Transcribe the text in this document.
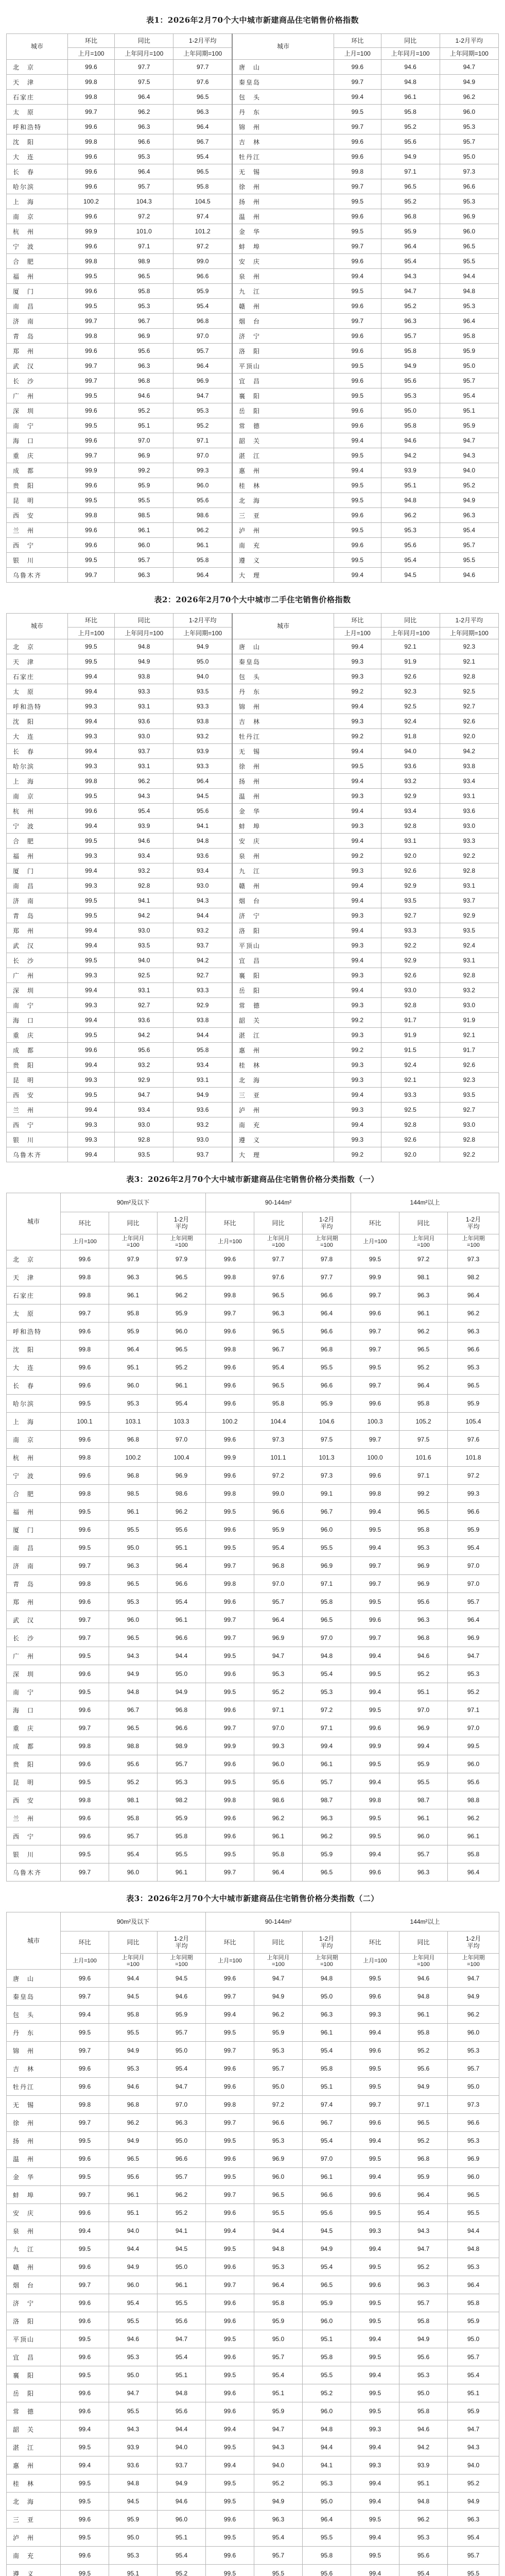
表1：2026年2月70个大中城市新建商品住宅销售价格指数
城市	环比	同比	1-2月平均	城市	环比	同比	1-2月平均
	上月=100	上年同月=100	上年同期=100		上月=100	上年同月=100	上年同期=100

北　京	99.6	97.7	97.7	唐　山	99.6	94.6	94.7
天　津	99.8	97.5	97.6	秦皇岛	99.7	94.8	94.9
石家庄	99.8	96.4	96.5	包　头	99.4	96.1	96.2
太　原	99.7	96.2	96.3	丹　东	99.5	95.8	96.0
呼和浩特	99.6	96.3	96.4	锦　州	99.7	95.2	95.3
沈　阳	99.8	96.6	96.7	吉　林	99.6	95.6	95.7
大　连	99.6	95.3	95.4	牡丹江	99.6	94.9	95.0
长　春	99.6	96.4	96.5	无　锡	99.8	97.1	97.3
哈尔滨	99.6	95.7	95.8	徐　州	99.7	96.5	96.6
上　海	100.2	104.3	104.5	扬　州	99.5	95.2	95.3
南　京	99.6	97.2	97.4	温　州	99.6	96.8	96.9
杭　州	99.9	101.0	101.2	金　华	99.5	95.9	96.0
宁　波	99.6	97.1	97.2	蚌　埠	99.7	96.4	96.5
合　肥	99.8	98.9	99.0	安　庆	99.6	95.4	95.5
福　州	99.5	96.5	96.6	泉　州	99.4	94.3	94.4
厦　门	99.6	95.8	95.9	九　江	99.5	94.7	94.8
南　昌	99.5	95.3	95.4	赣　州	99.6	95.2	95.3
济　南	99.7	96.7	96.8	烟　台	99.7	96.3	96.4
青　岛	99.8	96.9	97.0	济　宁	99.6	95.7	95.8
郑　州	99.6	95.6	95.7	洛　阳	99.6	95.8	95.9
武　汉	99.7	96.3	96.4	平顶山	99.5	94.9	95.0
长　沙	99.7	96.8	96.9	宜　昌	99.6	95.6	95.7
广　州	99.5	94.6	94.7	襄　阳	99.5	95.3	95.4
深　圳	99.6	95.2	95.3	岳　阳	99.6	95.0	95.1
南　宁	99.5	95.1	95.2	常　德	99.6	95.8	95.9
海　口	99.6	97.0	97.1	韶　关	99.4	94.6	94.7
重　庆	99.7	96.9	97.0	湛　江	99.5	94.2	94.3
成　都	99.9	99.2	99.3	惠　州	99.4	93.9	94.0
贵　阳	99.6	95.9	96.0	桂　林	99.5	95.1	95.2
昆　明	99.5	95.5	95.6	北　海	99.5	94.8	94.9
西　安	99.8	98.5	98.6	三　亚	99.6	96.2	96.3
兰　州	99.6	96.1	96.2	泸　州	99.5	95.3	95.4
西　宁	99.6	96.0	96.1	南　充	99.6	95.6	95.7
银　川	99.5	95.7	95.8	遵　义	99.5	95.4	95.5
乌鲁木齐	99.7	96.3	96.4	大　理	99.4	94.5	94.6
表2：2026年2月70个大中城市二手住宅销售价格指数
城市	环比	同比	1-2月平均	城市	环比	同比	1-2月平均
	上月=100	上年同月=100	上年同期=100		上月=100	上年同月=100	上年同期=100

北　京	99.5	94.8	94.9	唐　山	99.4	92.1	92.3
天　津	99.5	94.9	95.0	秦皇岛	99.3	91.9	92.1
石家庄	99.4	93.8	94.0	包　头	99.3	92.6	92.8
太　原	99.4	93.3	93.5	丹　东	99.2	92.3	92.5
呼和浩特	99.3	93.1	93.3	锦　州	99.4	92.5	92.7
沈　阳	99.4	93.6	93.8	吉　林	99.3	92.4	92.6
大　连	99.3	93.0	93.2	牡丹江	99.2	91.8	92.0
长　春	99.4	93.7	93.9	无　锡	99.4	94.0	94.2
哈尔滨	99.3	93.1	93.3	徐　州	99.5	93.6	93.8
上　海	99.8	96.2	96.4	扬　州	99.4	93.2	93.4
南　京	99.5	94.3	94.5	温　州	99.3	92.9	93.1
杭　州	99.6	95.4	95.6	金　华	99.4	93.4	93.6
宁　波	99.4	93.9	94.1	蚌　埠	99.3	92.8	93.0
合　肥	99.5	94.6	94.8	安　庆	99.4	93.1	93.3
福　州	99.3	93.4	93.6	泉　州	99.2	92.0	92.2
厦　门	99.4	93.2	93.4	九　江	99.3	92.6	92.8
南　昌	99.3	92.8	93.0	赣　州	99.4	92.9	93.1
济　南	99.5	94.1	94.3	烟　台	99.4	93.5	93.7
青　岛	99.5	94.2	94.4	济　宁	99.3	92.7	92.9
郑　州	99.4	93.0	93.2	洛　阳	99.4	93.3	93.5
武　汉	99.4	93.5	93.7	平顶山	99.3	92.2	92.4
长　沙	99.5	94.0	94.2	宜　昌	99.4	92.9	93.1
广　州	99.3	92.5	92.7	襄　阳	99.3	92.6	92.8
深　圳	99.4	93.1	93.3	岳　阳	99.4	93.0	93.2
南　宁	99.3	92.7	92.9	常　德	99.3	92.8	93.0
海　口	99.4	93.6	93.8	韶　关	99.2	91.7	91.9
重　庆	99.5	94.2	94.4	湛　江	99.3	91.9	92.1
成　都	99.6	95.6	95.8	惠　州	99.2	91.5	91.7
贵　阳	99.4	93.2	93.4	桂　林	99.3	92.4	92.6
昆　明	99.3	92.9	93.1	北　海	99.3	92.1	92.3
西　安	99.5	94.7	94.9	三　亚	99.4	93.3	93.5
兰　州	99.4	93.4	93.6	泸　州	99.3	92.5	92.7
西　宁	99.3	93.0	93.2	南　充	99.4	92.8	93.0
银　川	99.3	92.8	93.0	遵　义	99.3	92.6	92.8
乌鲁木齐	99.4	93.5	93.7	大　理	99.2	92.0	92.2
表3：2026年2月70个大中城市新建商品住宅销售价格分类指数（一）
城市	90m²及以下			90-144m²			144m²以上		
	环比	同比	1-2月
平均	环比	同比	1-2月
平均	环比	同比	1-2月
平均
	上月=100	上年同月
=100	上年同期
=100	上月=100	上年同月
=100	上年同期
=100	上月=100	上年同月
=100	上年同期
=100
北　京	99.6	97.9	97.9	99.6	97.7	97.8	99.5	97.2	97.3
天　津	99.8	96.3	96.5	99.8	97.6	97.7	99.9	98.1	98.2
石家庄	99.8	96.1	96.2	99.8	96.5	96.6	99.7	96.3	96.4
太　原	99.7	95.8	95.9	99.7	96.3	96.4	99.6	96.1	96.2
呼和浩特	99.6	95.9	96.0	99.6	96.5	96.6	99.7	96.2	96.3
沈　阳	99.8	96.4	96.5	99.8	96.7	96.8	99.7	96.5	96.6
大　连	99.6	95.1	95.2	99.6	95.4	95.5	99.5	95.2	95.3
长　春	99.6	96.0	96.1	99.6	96.5	96.6	99.7	96.4	96.5
哈尔滨	99.5	95.3	95.4	99.6	95.8	95.9	99.6	95.8	95.9
上　海	100.1	103.1	103.3	100.2	104.4	104.6	100.3	105.2	105.4
南　京	99.6	96.8	97.0	99.6	97.3	97.5	99.7	97.5	97.6
杭　州	99.8	100.2	100.4	99.9	101.1	101.3	100.0	101.6	101.8
宁　波	99.6	96.8	96.9	99.6	97.2	97.3	99.6	97.1	97.2
合　肥	99.8	98.5	98.6	99.8	99.0	99.1	99.8	99.2	99.3
福　州	99.5	96.1	96.2	99.5	96.6	96.7	99.4	96.5	96.6
厦　门	99.6	95.5	95.6	99.6	95.9	96.0	99.5	95.8	95.9
南　昌	99.5	95.0	95.1	99.5	95.4	95.5	99.4	95.3	95.4
济　南	99.7	96.3	96.4	99.7	96.8	96.9	99.7	96.9	97.0
青　岛	99.8	96.5	96.6	99.8	97.0	97.1	99.7	96.9	97.0
郑　州	99.6	95.3	95.4	99.6	95.7	95.8	99.5	95.6	95.7
武　汉	99.7	96.0	96.1	99.7	96.4	96.5	99.6	96.3	96.4
长　沙	99.7	96.5	96.6	99.7	96.9	97.0	99.7	96.8	96.9
广　州	99.5	94.3	94.4	99.5	94.7	94.8	99.4	94.6	94.7
深　圳	99.6	94.9	95.0	99.6	95.3	95.4	99.5	95.2	95.3
南　宁	99.5	94.8	94.9	99.5	95.2	95.3	99.4	95.1	95.2
海　口	99.6	96.7	96.8	99.6	97.1	97.2	99.5	97.0	97.1
重　庆	99.7	96.5	96.6	99.7	97.0	97.1	99.6	96.9	97.0
成　都	99.8	98.8	98.9	99.9	99.3	99.4	99.9	99.4	99.5
贵　阳	99.6	95.6	95.7	99.6	96.0	96.1	99.5	95.9	96.0
昆　明	99.5	95.2	95.3	99.5	95.6	95.7	99.4	95.5	95.6
西　安	99.8	98.1	98.2	99.8	98.6	98.7	99.8	98.7	98.8
兰　州	99.6	95.8	95.9	99.6	96.2	96.3	99.5	96.1	96.2
西　宁	99.6	95.7	95.8	99.6	96.1	96.2	99.5	96.0	96.1
银　川	99.5	95.4	95.5	99.5	95.8	95.9	99.4	95.7	95.8
乌鲁木齐	99.7	96.0	96.1	99.7	96.4	96.5	99.6	96.3	96.4
表3：2026年2月70个大中城市新建商品住宅销售价格分类指数（二）
城市	90m²及以下			90-144m²			144m²以上		
	环比	同比	1-2月
平均	环比	同比	1-2月
平均	环比	同比	1-2月
平均
	上月=100	上年同月
=100	上年同期
=100	上月=100	上年同月
=100	上年同期
=100	上月=100	上年同月
=100	上年同期
=100
唐　山	99.6	94.4	94.5	99.6	94.7	94.8	99.5	94.6	94.7
秦皇岛	99.7	94.5	94.6	99.7	94.9	95.0	99.6	94.8	94.9
包　头	99.4	95.8	95.9	99.4	96.2	96.3	99.3	96.1	96.2
丹　东	99.5	95.5	95.7	99.5	95.9	96.1	99.4	95.8	96.0
锦　州	99.7	94.9	95.0	99.7	95.3	95.4	99.6	95.2	95.3
吉　林	99.6	95.3	95.4	99.6	95.7	95.8	99.5	95.6	95.7
牡丹江	99.6	94.6	94.7	99.6	95.0	95.1	99.5	94.9	95.0
无　锡	99.8	96.8	97.0	99.8	97.2	97.4	99.7	97.1	97.3
徐　州	99.7	96.2	96.3	99.7	96.6	96.7	99.6	96.5	96.6
扬　州	99.5	94.9	95.0	99.5	95.3	95.4	99.4	95.2	95.3
温　州	99.6	96.5	96.6	99.6	96.9	97.0	99.5	96.8	96.9
金　华	99.5	95.6	95.7	99.5	96.0	96.1	99.4	95.9	96.0
蚌　埠	99.7	96.1	96.2	99.7	96.5	96.6	99.6	96.4	96.5
安　庆	99.6	95.1	95.2	99.6	95.5	95.6	99.5	95.4	95.5
泉　州	99.4	94.0	94.1	99.4	94.4	94.5	99.3	94.3	94.4
九　江	99.5	94.4	94.5	99.5	94.8	94.9	99.4	94.7	94.8
赣　州	99.6	94.9	95.0	99.6	95.3	95.4	99.5	95.2	95.3
烟　台	99.7	96.0	96.1	99.7	96.4	96.5	99.6	96.3	96.4
济　宁	99.6	95.4	95.5	99.6	95.8	95.9	99.5	95.7	95.8
洛　阳	99.6	95.5	95.6	99.6	95.9	96.0	99.5	95.8	95.9
平顶山	99.5	94.6	94.7	99.5	95.0	95.1	99.4	94.9	95.0
宜　昌	99.6	95.3	95.4	99.6	95.7	95.8	99.5	95.6	95.7
襄　阳	99.5	95.0	95.1	99.5	95.4	95.5	99.4	95.3	95.4
岳　阳	99.6	94.7	94.8	99.6	95.1	95.2	99.5	95.0	95.1
常　德	99.6	95.5	95.6	99.6	95.9	96.0	99.5	95.8	95.9
韶　关	99.4	94.3	94.4	99.4	94.7	94.8	99.3	94.6	94.7
湛　江	99.5	93.9	94.0	99.5	94.3	94.4	99.4	94.2	94.3
惠　州	99.4	93.6	93.7	99.4	94.0	94.1	99.3	93.9	94.0
桂　林	99.5	94.8	94.9	99.5	95.2	95.3	99.4	95.1	95.2
北　海	99.5	94.5	94.6	99.5	94.9	95.0	99.4	94.8	94.9
三　亚	99.6	95.9	96.0	99.6	96.3	96.4	99.5	96.2	96.3
泸　州	99.5	95.0	95.1	99.5	95.4	95.5	99.4	95.3	95.4
南　充	99.6	95.3	95.4	99.6	95.7	95.8	99.5	95.6	95.7
遵　义	99.5	95.1	95.2	99.5	95.5	95.6	99.4	95.4	95.5
